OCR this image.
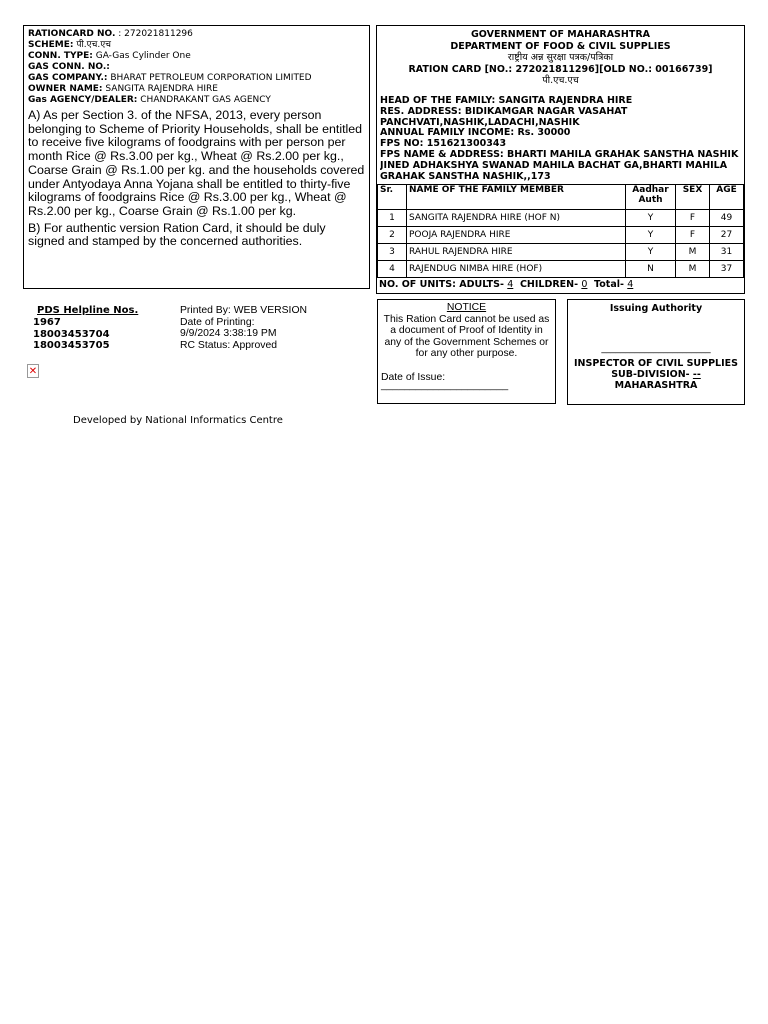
RATIONCARD NO. : 272021811296
SCHEME: पी.एच.एच
CONN. TYPE: GA-Gas Cylinder One
GAS CONN. NO.:
GAS COMPANY.: BHARAT PETROLEUM CORPORATION LIMITED
OWNER NAME: SANGITA RAJENDRA HIRE
Gas AGENCY/DEALER: CHANDRAKANT GAS AGENCY

A) As per Section 3. of the NFSA, 2013, every person belonging to Scheme of Priority Households, shall be entitled to receive five kilograms of foodgrains with per person per month Rice @ Rs.3.00 per kg., Wheat @ Rs.2.00 per kg., Coarse Grain @ Rs.1.00 per kg. and the households covered under Antyodaya Anna Yojana shall be entitled to thirty-five kilograms of foodgrains Rice @ Rs.3.00 per kg., Wheat @ Rs.2.00 per kg., Coarse Grain @ Rs.1.00 per kg.

B) For authentic version Ration Card, it should be duly signed and stamped by the concerned authorities.

GOVERNMENT OF MAHARASHTRA
DEPARTMENT OF FOOD & CIVIL SUPPLIES
राष्ट्रीय अन्न सुरक्षा पत्रक/पत्रिका
RATION CARD [NO.: 272021811296][OLD NO.: 00166739]
पी.एच.एच
HEAD OF THE FAMILY: SANGITA RAJENDRA HIRE
RES. ADDRESS: BIDIKAMGAR NAGAR VASAHAT
PANCHVATI,NASHIK,LADACHI,NASHIK
ANNUAL FAMILY INCOME: Rs. 30000
FPS NO: 151621300343
FPS NAME & ADDRESS: BHARTI MAHILA GRAHAK SANSTHA NASHIK
JINED ADHAKSHYA SWANAD MAHILA BACHAT GA,BHARTI MAHILA
GRAHAK SANSTHA NASHIK,,173
Sr.	NAME OF THE FAMILY MEMBER	Aadhar Auth	SEX	AGE
1	SANGITA RAJENDRA HIRE (HOF N)	Y	F	49
2	POOJA RAJENDRA HIRE	Y	F	27
3	RAHUL RAJENDRA HIRE	Y	M	31
4	RAJENDUG NIMBA HIRE (HOF)	N	M	37
NO. OF UNITS: ADULTS- 4 CHILDREN- 0 Total- 4
PDS Helpline Nos.
1967
18003453704
18003453705
Printed By: WEB VERSION
Date of Printing:
9/9/2024 3:38:19 PM
RC Status: Approved
✕
NOTICE
This Ration Card cannot be used as a document of Proof of Identity in any of the Government Schemes or for any other purpose.
Date of Issue:
______________________
Issuing Authority
_______________________
INSPECTOR OF CIVIL SUPPLIES
SUB-DIVISION- --
MAHARASHTRA
Developed by National Informatics Centre
